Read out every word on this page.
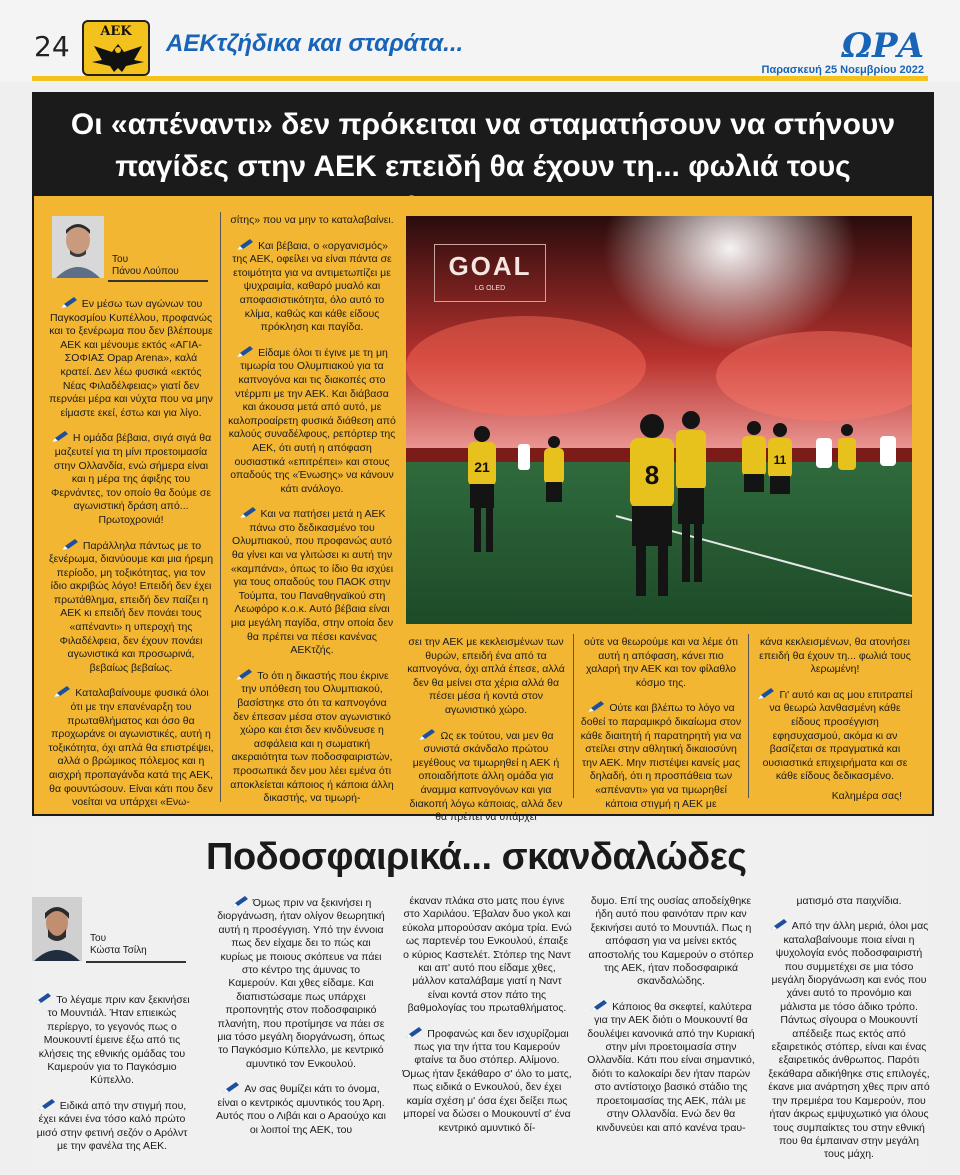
24	ΑΕΚ	AEKτζήδικα και σταράτα...	ΩΡΑ
Παρασκευή 25 Νοεμβρίου 2022
Οι «απέναντι» δεν πρόκειται να σταματήσουν να στήνουν παγίδες στην ΑΕΚ επειδή θα έχουν τη... φωλιά τους
Του
Πάνου Λούπου

Εν μέσω των αγώνων του Παγκοσμίου Κυπέλλου, προφανώς και το ξενέρωμα που δεν βλέπουμε ΑΕΚ και μένουμε εκτός «ΑΓΙΑ-ΣΟΦΙΑΣ Opap Arena», καλά κρατεί. Δεν λέω φυσικά «εκτός Νέας Φιλαδέλφειας» γιατί δεν περνάει μέρα και νύχτα που να μην είμαστε εκεί, έστω και για λίγο.

Η ομάδα βέβαια, σιγά σιγά θα μαζευτεί για τη μίνι προετοιμασία στην Ολλανδία, ενώ σήμερα είναι και η μέρα της άφιξης του Φερνάντες, τον οποίο θα δούμε σε αγωνιστική δράση από... Πρωτοχρονιά!

Παράλληλα πάντως με το ξενέρωμα, διανύουμε και μια ήρεμη περίοδο, μη τοξικότητας, για τον ίδιο ακριβώς λόγο! Επειδή δεν έχει πρωτάθλημα, επειδή δεν παίζει η ΑΕΚ κι επειδή δεν πονάει τους «απέναντι» η υπεροχή της Φιλαδέλφεια, δεν έχουν πονάει αγωνιστικά και προσωρινά, βεβαίως βεβαίως.

Καταλαβαίνουμε φυσικά όλοι ότι με την επανέναρξη του πρωταθλήματος και όσο θα προχωράνε οι αγωνιστικές, αυτή η τοξικότητα, όχι απλά θα επιστρέψει, αλλά ο βρώμικος πόλεμος και η αισχρή προπαγάνδα κατά της ΑΕΚ, θα φουντώσουν. Είναι κάτι που δεν νοείται να υπάρχει «Ενω-

σίτης» που να μην το καταλαβαίνει.

Και βέβαια, ο «οργανισμός» της ΑΕΚ, οφείλει να είναι πάντα σε ετοιμότητα για να αντιμετωπίζει με ψυχραιμία, καθαρό μυαλό και αποφασιστικότητα, όλο αυτό το κλίμα, καθώς και κάθε είδους πρόκληση και παγίδα.

Είδαμε όλοι τι έγινε με τη μη τιμωρία του Ολυμπιακού για τα καπνογόνα και τις διακοπές στο ντέρμπι με την ΑΕΚ. Και διάβασα και άκουσα μετά από αυτό, με καλοπροαίρετη φυσικά διάθεση από καλούς συναδέλφους, ρεπόρτερ της ΑΕΚ, ότι αυτή η απόφαση ουσιαστικά «επιτρέπει» και στους οπαδούς της «Ένωσης» να κάνουν κάτι ανάλογο.

Και να πατήσει μετά η ΑΕΚ πάνω στο δεδικασμένο του Ολυμπιακού, που προφανώς αυτό θα γίνει και να γλιτώσει κι αυτή την «καμπάνα», όπως το ίδιο θα ισχύει για τους οπαδούς του ΠΑΟΚ στην Τούμπα, του Παναθηναϊκού στη Λεωφόρο κ.ο.κ. Αυτό βέβαια είναι μια μεγάλη παγίδα, στην οποία δεν θα πρέπει να πέσει κανένας ΑΕΚτζής.

Το ότι η δικαστής που έκρινε την υπόθεση του Ολυμπιακού, βασίστηκε στο ότι τα καπνογόνα δεν έπεσαν μέσα στον αγωνιστικό χώρο και έτσι δεν κινδύνευσε η ασφάλεια και η σωματική ακεραιότητα των ποδοσφαιριστών, προσωπικά δεν μου λέει εμένα ότι αποκλείεται κάποιος ή κάποια άλλη δικαστής, να τιμωρή-

21	8	11
GOAL
LG OLED

σει την ΑΕΚ με κεκλεισμένων των θυρών, επειδή ένα από τα καπνογόνα, όχι απλά έπεσε, αλλά δεν θα μείνει στα χέρια αλλά θα πέσει μέσα ή κοντά στον αγωνιστικό χώρο.

Ως εκ τούτου, ναι μεν θα συνιστά σκάνδαλο πρώτου μεγέθους να τιμωρηθεί η ΑΕΚ ή οποιαδήποτε άλλη ομάδα για άναμμα καπνογόνων και για διακοπή λόγω κάποιας, αλλά δεν θα πρέπει να υπάρχει

ούτε να θεωρούμε και να λέμε ότι αυτή η απόφαση, κάνει πιο χαλαρή την ΑΕΚ και τον φίλαθλο κόσμο της.

Ούτε και βλέπω το λόγο να δοθεί το παραμικρό δικαίωμα στον κάθε διαιτητή ή παρατηρητή για να στείλει στην αθλητική δικαιοσύνη την ΑΕΚ. Μην πιστέψει κανείς μας δηλαδή, ότι η προσπάθεια των «απέναντι» για να τιμωρηθεί κάποια στιγμή η ΑΕΚ με

κάνα κεκλεισμένων, θα ατονήσει επειδή θα έχουν τη... φωλιά τους λερωμένη!

Γι' αυτό και ας μου επιτραπεί να θεωρώ λανθασμένη κάθε είδους προσέγγιση εφησυχασμού, ακόμα κι αν βασίζεται σε πραγματικά και ουσιαστικά επιχειρήματα και σε κάθε είδους δεδικασμένο.

Καλημέρα σας!
Ποδοσφαιρικά... σκανδαλώδες
Του
Κώστα Τσίλη

Το λέγαμε πριν καν ξεκινήσει το Μουντιάλ. Ήταν επιεικώς περίεργο, το γεγονός πως ο Μουκουντί έμεινε έξω από τις κλήσεις της εθνικής ομάδας του Καμερούν για το Παγκόσμιο Κύπελλο.

Ειδικά από την στιγμή που, έχει κάνει ένα τόσο καλό πρώτο μισό στην φετινή σεζόν ο Αρόλντ με την φανέλα της ΑΕΚ.

Όμως πριν να ξεκινήσει η διοργάνωση, ήταν ολίγον θεωρητική αυτή η προσέγγιση. Υπό την έννοια πως δεν είχαμε δει το πώς και κυρίως με ποιους σκόπευε να πάει στο κέντρο της άμυνας το Καμερούν. Και χθες είδαμε. Και διαπιστώσαμε πως υπάρχει προπονητής στον ποδοσφαιρικό πλανήτη, που προτίμησε να πάει σε μια τόσο μεγάλη διοργάνωση, όπως το Παγκόσμιο Κύπελλο, με κεντρικό αμυντικό τον Ενκουλού.

Αν σας θυμίζει κάτι το όνομα, είναι ο κεντρικός αμυντικός του Άρη. Αυτός που ο Λιβάι και ο Αραούχο και οι λοιποί της ΑΕΚ, του

έκαναν πλάκα στο ματς που έγινε στο Χαριλάου. Έβαλαν δυο γκολ και εύκολα μπορούσαν ακόμα τρία. Ενώ ως παρτενέρ του Ενκουλού, έπαιξε ο κύριος Καστελέτ. Στόπερ της Ναντ και απ' αυτό που είδαμε χθες, μάλλον καταλάβαμε γιατί η Ναντ είναι κοντά στον πάτο της βαθμολογίας του πρωταθλήματος.

Προφανώς και δεν ισχυρίζομαι πως για την ήττα του Καμερούν φταίνε τα δυο στόπερ. Αλίμονο. Όμως ήταν ξεκάθαρο σ' όλο το ματς, πως ειδικά ο Ενκουλού, δεν έχει καμία σχέση μ' όσα έχει δείξει πως μπορεί να δώσει ο Μουκουντί σ' ένα κεντρικό αμυντικό δί-

δυμο. Επί της ουσίας αποδείχθηκε ήδη αυτό που φαινόταν πριν καν ξεκινήσει αυτό το Μουντιάλ. Πως η απόφαση για να μείνει εκτός αποστολής του Καμερούν ο στόπερ της ΑΕΚ, ήταν ποδοσφαιρικά σκανδαλώδης.

Κάποιος θα σκεφτεί, καλύτερα για την ΑΕΚ διότι ο Μουκουντί θα δουλέψει κανονικά από την Κυριακή στην μίνι προετοιμασία στην Ολλανδία. Κάτι που είναι σημαντικό, διότι το καλοκαίρι δεν ήταν παρών στο αντίστοιχο βασικό στάδιο της προετοιμασίας της ΑΕΚ, πάλι με στην Ολλανδία. Ενώ δεν θα κινδυνεύει και από κανένα τραυ-

ματισμό στα παιχνίδια.

Από την άλλη μεριά, όλοι μας καταλαβαίνουμε ποια είναι η ψυχολογία ενός ποδοσφαιριστή που συμμετέχει σε μια τόσο μεγάλη διοργάνωση και ενός που χάνει αυτό το προνόμιο και μάλιστα με τόσο άδικο τρόπο. Πάντως σίγουρα ο Μουκουντί απέδειξε πως εκτός από εξαιρετικός στόπερ, είναι και ένας εξαιρετικός άνθρωπος. Παρότι ξεκάθαρα αδικήθηκε στις επιλογές, έκανε μια ανάρτηση χθες πριν από την πρεμιέρα του Καμερούν, που ήταν άκρως εμψυχωτικό για όλους τους συμπαίκτες του στην εθνική που θα έμπαιναν στην μεγάλη τους μάχη.
